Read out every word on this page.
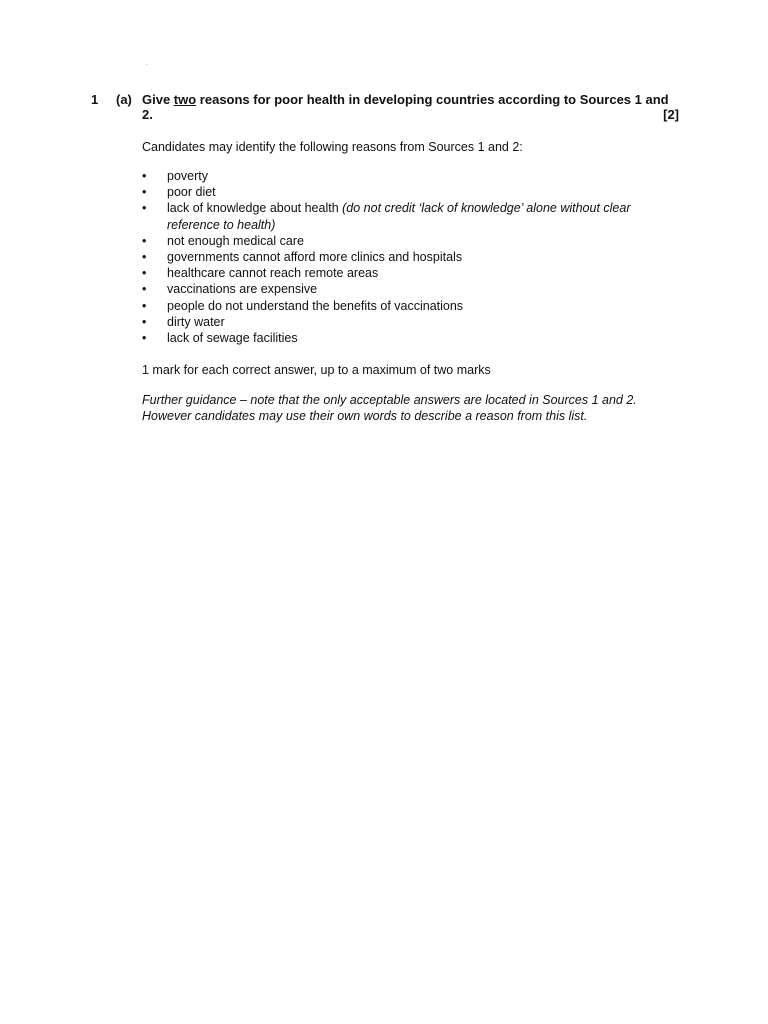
1 (a) Give two reasons for poor health in developing countries according to Sources 1 and
2.	[2]
Candidates may identify the following reasons from Sources 1 and 2:
• poverty
• poor diet
• lack of knowledge about health (do not credit ‘lack of knowledge’ alone without clear reference to health)
• not enough medical care
• governments cannot afford more clinics and hospitals
• healthcare cannot reach remote areas
• vaccinations are expensive
• people do not understand the benefits of vaccinations
• dirty water
• lack of sewage facilities
1 mark for each correct answer, up to a maximum of two marks
Further guidance – note that the only acceptable answers are located in Sources 1 and 2. However candidates may use their own words to describe a reason from this list.
